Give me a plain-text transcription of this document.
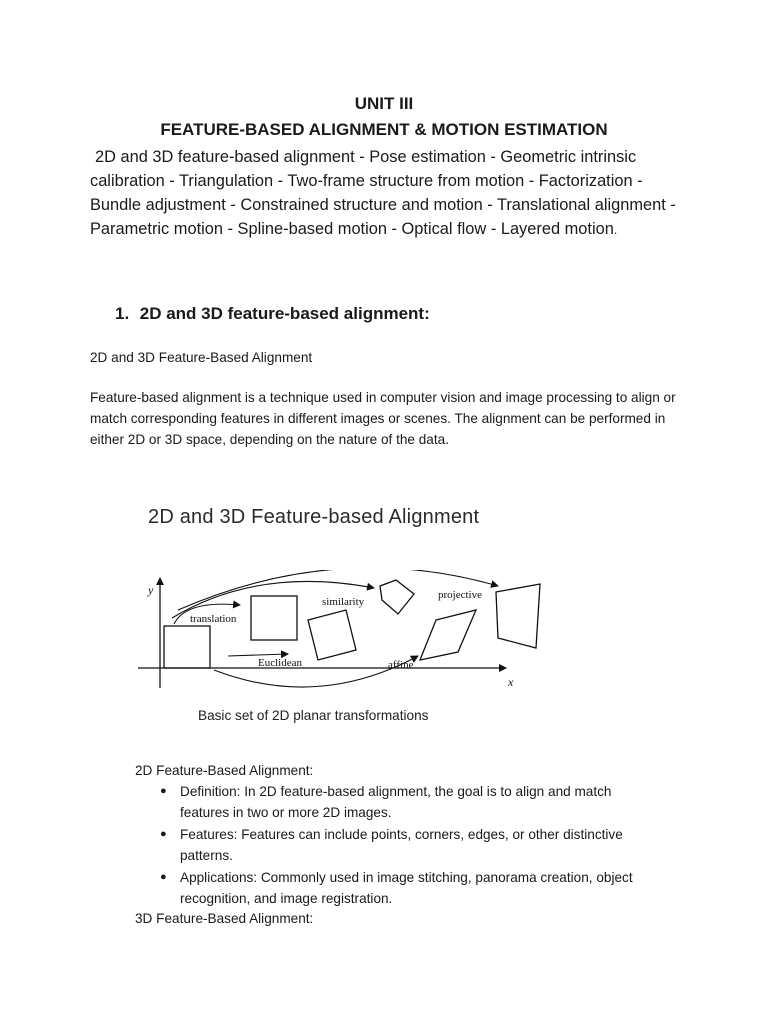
UNIT III
FEATURE-BASED ALIGNMENT & MOTION ESTIMATION
2D and 3D feature-based alignment - Pose estimation - Geometric intrinsic calibration - Triangulation - Two-frame structure from motion - Factorization - Bundle adjustment - Constrained structure and motion - Translational alignment - Parametric motion - Spline-based motion - Optical flow - Layered motion.
1. 2D and 3D feature-based alignment:
2D and 3D Feature-Based Alignment
Feature-based alignment is a technique used in computer vision and image processing to align or match corresponding features in different images or scenes. The alignment can be performed in either 2D or 3D space, depending on the nature of the data.
2D and 3D Feature-based Alignment
y
x
translation
Euclidean
similarity
projective
affine
Basic set of 2D planar transformations
2D Feature-Based Alignment:
● Definition: In 2D feature-based alignment, the goal is to align and match features in two or more 2D images.
● Features: Features can include points, corners, edges, or other distinctive patterns.
● Applications: Commonly used in image stitching, panorama creation, object recognition, and image registration.
3D Feature-Based Alignment:
